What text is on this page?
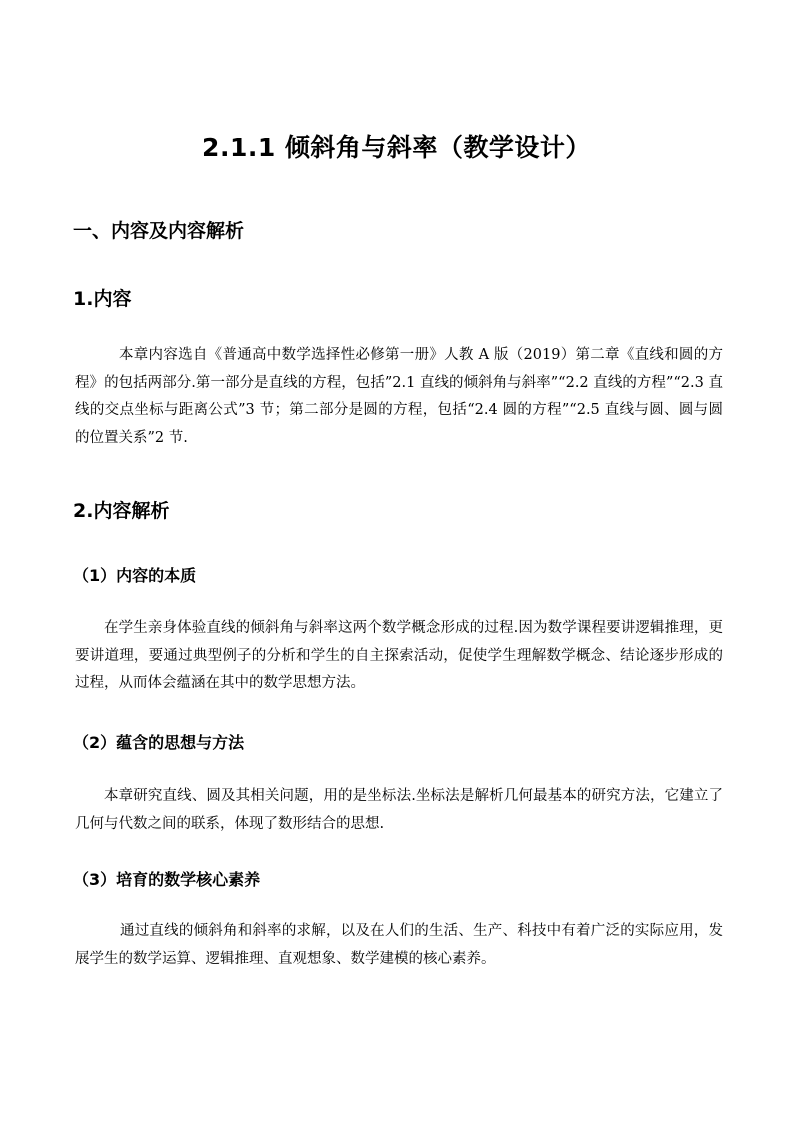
2.1.1 倾斜角与斜率（教学设计）
一、内容及内容解析
1.内容

本章内容选自《普通高中数学选择性必修第一册》人教 A 版（2019）第二章《直线和圆的方程》的包括两部分.第一部分是直线的方程，包括”2.1 直线的倾斜角与斜率”“2.2 直线的方程”“2.3 直线的交点坐标与距离公式”3 节；第二部分是圆的方程，包括“2.4 圆的方程”“2.5 直线与圆、圆与圆的位置关系”2 节.

2.内容解析
（1）内容的本质

在学生亲身体验直线的倾斜角与斜率这两个数学概念形成的过程.因为数学课程要讲逻辑推理，更要讲道理，要通过典型例子的分析和学生的自主探索活动，促使学生理解数学概念、结论逐步形成的过程，从而体会蕴涵在其中的数学思想方法。

（2）蕴含的思想与方法

本章研究直线、圆及其相关问题，用的是坐标法.坐标法是解析几何最基本的研究方法，它建立了几何与代数之间的联系，体现了数形结合的思想.

（3）培育的数学核心素养

通过直线的倾斜角和斜率的求解，以及在人们的生活、生产、科技中有着广泛的实际应用，发展学生的数学运算、逻辑推理、直观想象、数学建模的核心素养。
